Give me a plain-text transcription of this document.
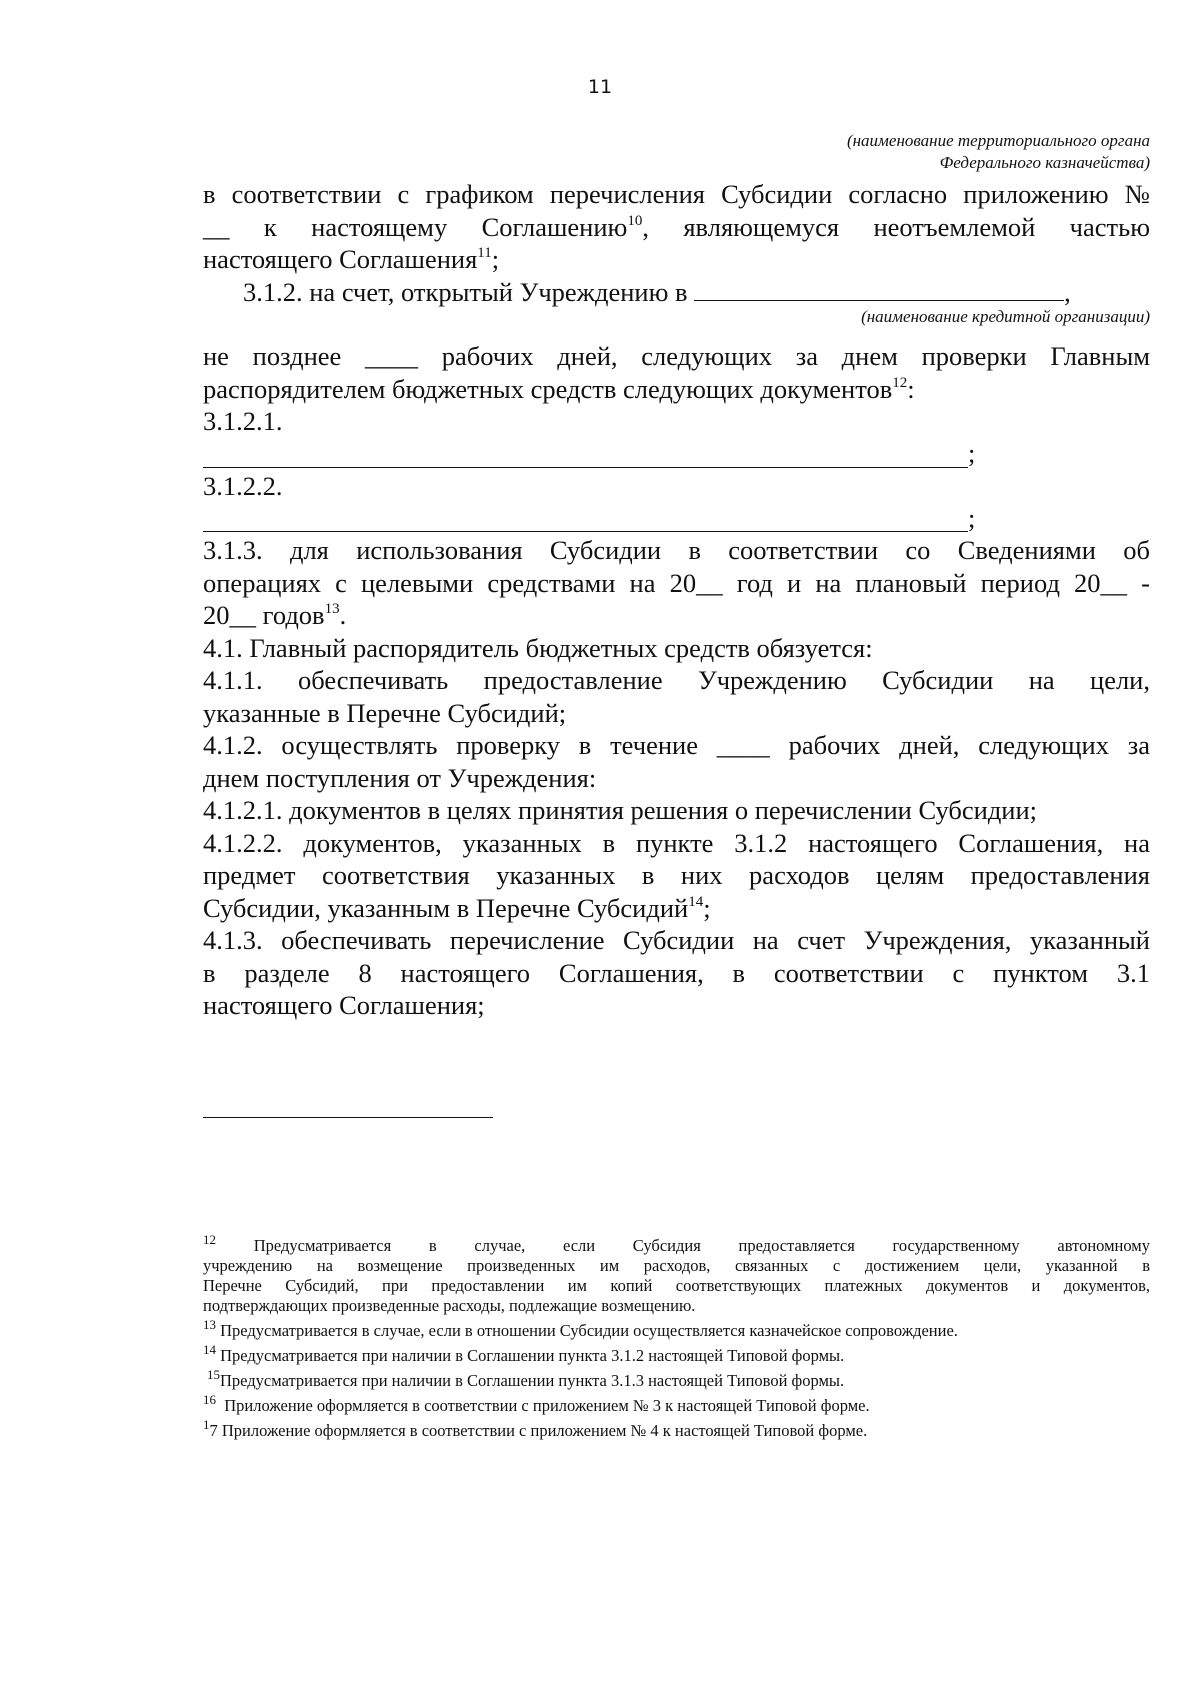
11
(наименование территориального органа
Федерального казначейства)
(наименование кредитной организации)
в соответствии с графиком перечисления Субсидии согласно приложению №
__ к настоящему Соглашению$^{10}$, являющемуся неотъемлемой частью
настоящего Соглашения$^{11}$;
3.1.2. на счет, открытый Учреждению в	,
не позднее ____ рабочих дней, следующих за днем проверки Главным
распорядителем бюджетных средств следующих документов$^{12}$:
3.1.2.1.
;
3.1.2.2.
;
3.1.3. для использования Субсидии в соответствии со Сведениями об
операциях с целевыми средствами на 20__ год и на плановый период 20__ -
20__ годов$^{13}$.
4.1. Главный распорядитель бюджетных средств обязуется:
4.1.1. обеспечивать предоставление Учреждению Субсидии на цели,
указанные в Перечне Субсидий;
4.1.2. осуществлять проверку в течение ____ рабочих дней, следующих за
днем поступления от Учреждения:
4.1.2.1. документов в целях принятия решения о перечислении Субсидии;
4.1.2.2. документов, указанных в пункте 3.1.2 настоящего Соглашения, на
предмет соответствия указанных в них расходов целям предоставления
Субсидии, указанным в Перечне Субсидий$^{14}$;
4.1.3. обеспечивать перечисление Субсидии на счет Учреждения, указанный
в разделе 8 настоящего Соглашения, в соответствии с пунктом 3.1
настоящего Соглашения;
$^{12}$ Предусматривается в случае, если Субсидия предоставляется государственному автономному
учреждению на возмещение произведенных им расходов, связанных с достижением цели, указанной в
Перечне Субсидий, при предоставлении им копий соответствующих платежных документов и документов,
подтверждающих произведенные расходы, подлежащие возмещению.
$^{13}$ Предусматривается в случае, если в отношении Субсидии осуществляется казначейское сопровождение.
$^{14}$ Предусматривается при наличии в Соглашении пункта 3.1.2 настоящей Типовой формы.
$^{15}$Предусматривается при наличии в Соглашении пункта 3.1.3 настоящей Типовой формы.
$^{16}$  Приложение оформляется в соответствии с приложением № 3 к настоящей Типовой форме.
$^1$7 Приложение оформляется в соответствии с приложением № 4 к настоящей Типовой форме.
